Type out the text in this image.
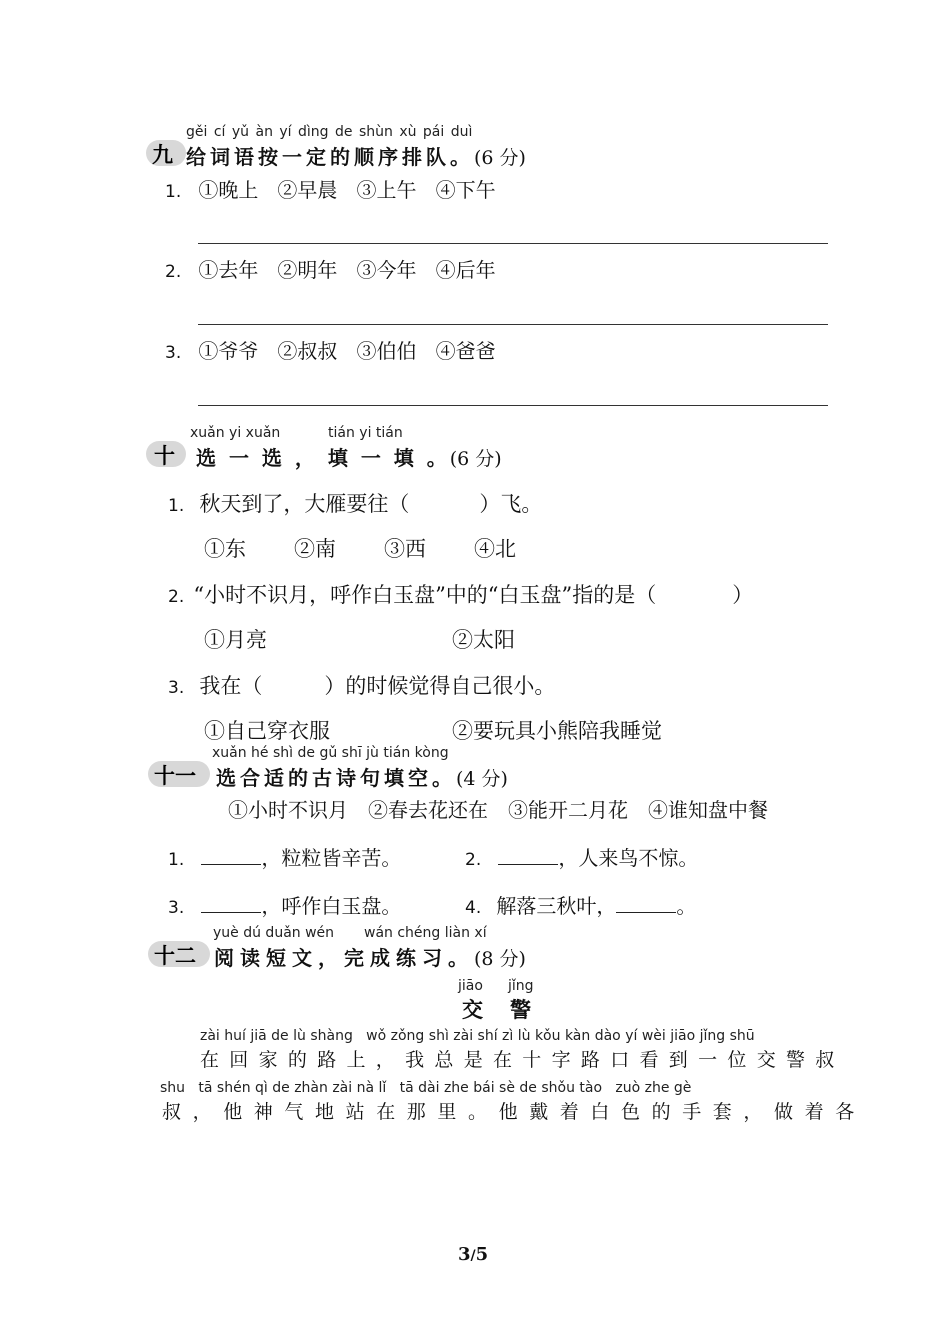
gěi cí yǔ àn yí dìng de shùn xù pái duì
九 给词语按一定的顺序排队。(6 分)
1. ①晚上 ②早晨 ③上午 ④下午
2. ①去年 ②明年 ③今年 ④后年
3. ①爷爷 ②叔叔 ③伯伯 ④爸爸
xuǎn yi xuǎn	tián yi tián
十 选 一 选 ， 填 一 填 。(6 分)
1. 秋天到了，大雁要往（	）飞。
①东 ②南 ③西 ④北
2. “小时不识月，呼作白玉盘”中的“白玉盘”指的是（	）
①月亮	②太阳
3. 我在（	）的时候觉得自己很小。
①自己穿衣服	②要玩具小熊陪我睡觉
xuǎn hé shì de gǔ shī jù tián kòng
十一 选合适的古诗句填空。(4 分)
①小时不识月 ②春去花还在 ③能开二月花 ④谁知盘中餐
1.	，粒粒皆辛苦。	2.	，人来鸟不惊。
3.	，呼作白玉盘。	4. 解落三秋叶，	。
yuè dú duǎn wén wán chéng liàn xí
十二 阅读短文，完成练习。(8 分)
jiāo jǐng
交 警
zài huí jiā de lù shàng   wǒ zǒng shì zài shí zì lù kǒu kàn dào yí wèi jiāo jǐng shū
在回家的路上，我总是在十字路口看到一位交警叔
shu   tā shén qì de zhàn zài nà lǐ   tā dài zhe bái sè de shǒu tào   zuò zhe gè
叔，他神气地站在那里。他戴着白色的手套，做着各
3/5
